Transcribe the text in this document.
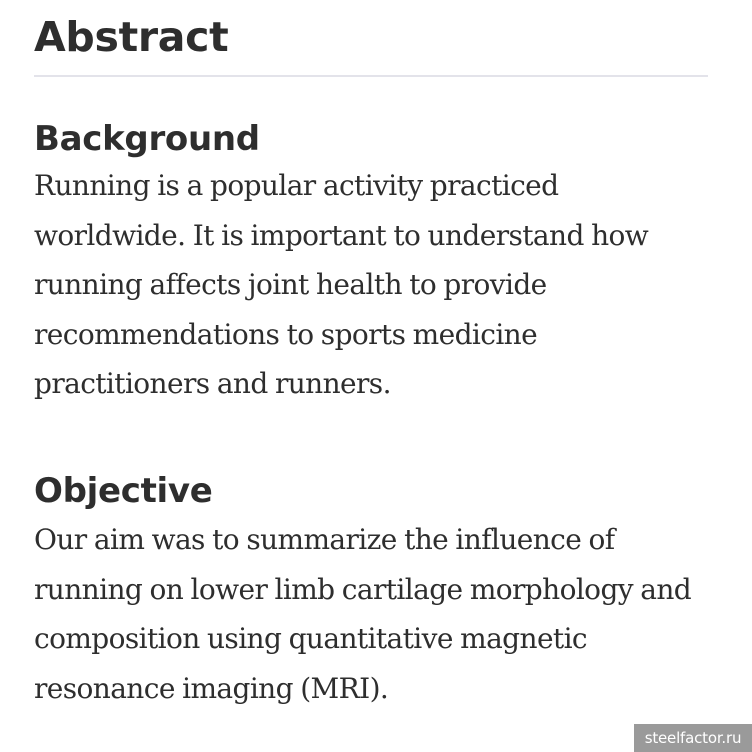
Abstract
Background

Running is a popular activity practiced
worldwide. It is important to understand how
running affects joint health to provide
recommendations to sports medicine
practitioners and runners.

Objective

Our aim was to summarize the influence of
running on lower limb cartilage morphology and
composition using quantitative magnetic
resonance imaging (MRI).

steelfactor.ru
